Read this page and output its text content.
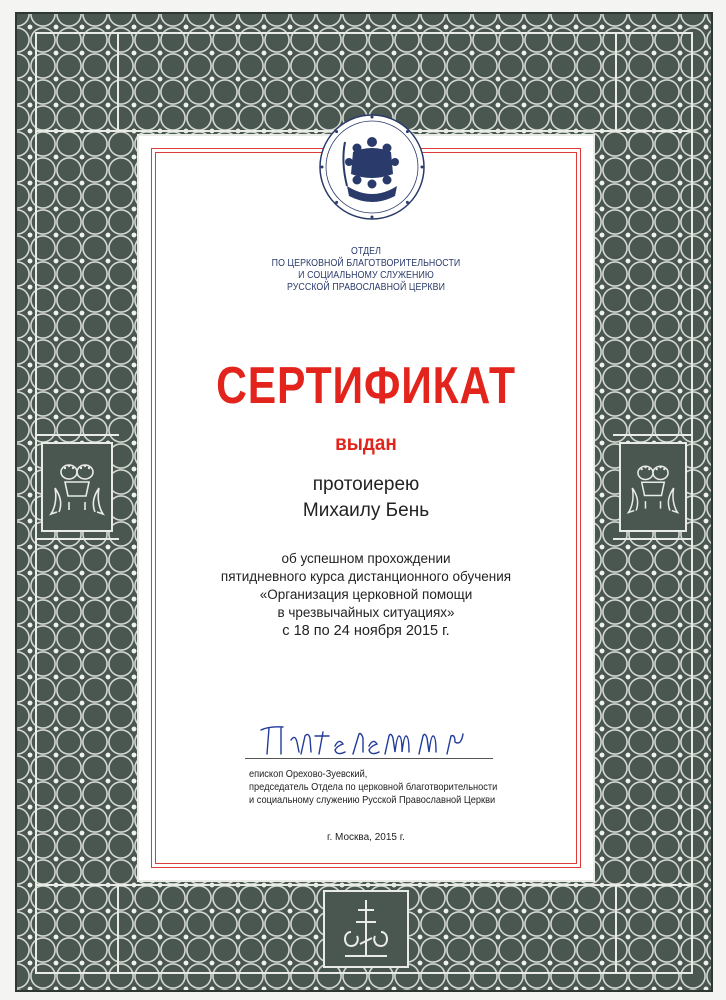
ОТДЕЛ
ПО ЦЕРКОВНОЙ БЛАГОТВОРИТЕЛЬНОСТИ
И СОЦИАЛЬНОМУ СЛУЖЕНИЮ
РУССКОЙ ПРАВОСЛАВНОЙ ЦЕРКВИ
СЕРТИФИКАТ
выдан
протоиерею
Михаилу Бень
об успешном прохождении
пятидневного курса дистанционного обучения
«Организация церковной помощи
в чрезвычайных ситуациях»
с 18 по 24 ноября 2015 г.
епископ Орехово-Зуевский,
председатель Отдела по церковной благотворительности
и социальному служению Русской Православной Церкви
г. Москва, 2015 г.
